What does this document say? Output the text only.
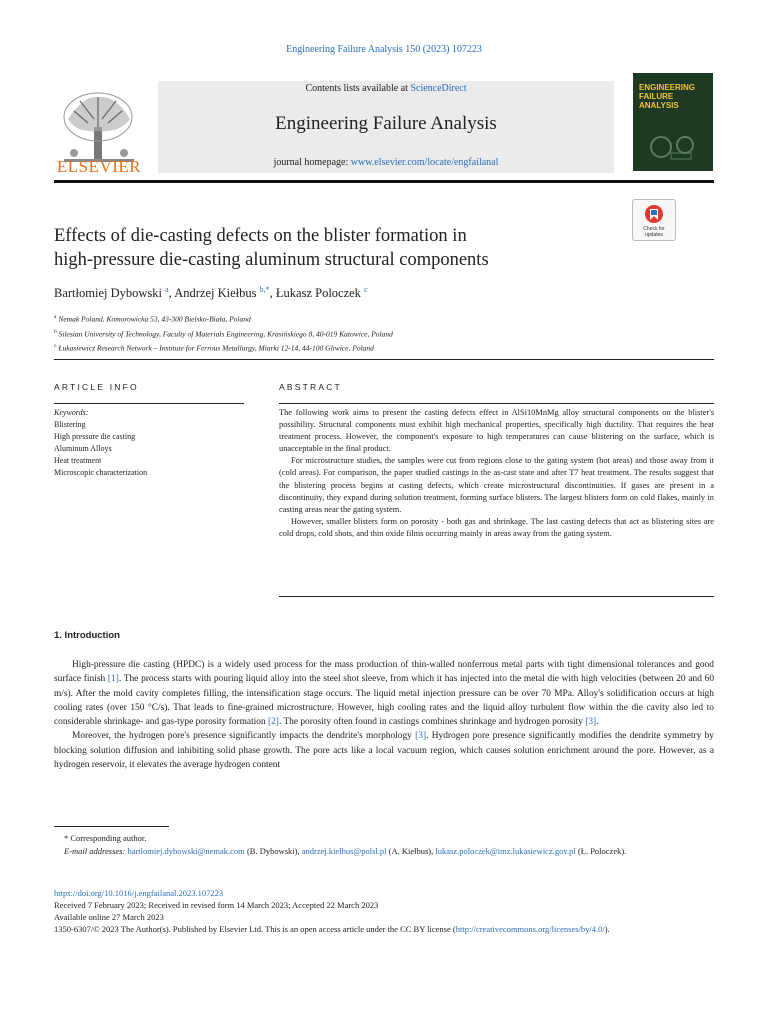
Engineering Failure Analysis 150 (2023) 107223
ELSEVIER
Contents lists available at ScienceDirect
Engineering Failure Analysis
journal homepage: www.elsevier.com/locate/engfailanal
ENGINEERING
FAILURE
ANALYSIS
Check for
updates
Effects of die-casting defects on the blister formation in
high-pressure die-casting aluminum structural components
Bartłomiej Dybowski $^a$, Andrzej Kiełbus $^{b,*}$, Łukasz Poloczek $^c$
$^a$ Nemak Poland, Komorowicka 53, 43-300 Bielsko-Biała, Poland
$^b$ Silesian University of Technology, Faculty of Materials Engineering, Krasińskiego 8, 40-019 Katowice, Poland
$^c$ Łukasiewicz Research Network – Institute for Ferrous Metallurgy, Miarki 12-14, 44-100 Gliwice, Poland
ARTICLE INFO	ABSTRACT
Keywords:
Blistering
High pressure die casting
Aluminum Alloys
Heat treatment
Microscopic characterization

The following work aims to present the casting defects effect in AlSi10MnMg alloy structural components on the blister's possibility. Structural components must exhibit high mechanical properties, specifically high ductility. That requires the heat treatment process. However, the component's exposure to high temperatures can cause blistering on the surface, which is unacceptable in the final product.

For microstructure studies, the samples were cut from regions close to the gating system (hot areas) and those away from it (cold areas). For comparison, the paper studied castings in the as-cast state and after T7 heat treatment. The results suggest that the blistering process begins at casting defects, which create microstructural discontinuities. If gases are present in a discontinuity, they expand during solution treatment, forming surface blisters. The largest blisters form on cold flakes, mainly in casting areas near the gating system.

However, smaller blisters form on porosity - both gas and shrinkage. The last casting defects that act as blistering sites are cold drops, cold shots, and thin oxide films occurring mainly in areas away from the gating system.

1. Introduction

High-pressure die casting (HPDC) is a widely used process for the mass production of thin-walled nonferrous metal parts with tight dimensional tolerances and good surface finish [1]. The process starts with pouring liquid alloy into the steel shot sleeve, from which it has injected into the metal die with high velocities (between 20 and 60 m/s). After the mold cavity completes filling, the intensification stage occurs. The liquid metal injection pressure can be over 70 MPa. Alloy's solidification occurs at high cooling rates (over 150 °C/s). That leads to fine-grained microstructure. However, high cooling rates and the liquid alloy turbulent flow within the die cavity also led to considerable shrinkage- and gas-type porosity formation [2]. The porosity often found in castings combines shrinkage and hydrogen porosity [3].

Moreover, the hydrogen pore's presence significantly impacts the dendrite's morphology [3]. Hydrogen pore presence significantly modifies the dendrite symmetry by blocking solution diffusion and inhibiting solid phase growth. The pore acts like a local vacuum region, which causes solution enrichment around the pore. However, as a hydrogen reservoir, it elevates the average hydrogen content

* Corresponding author.
E-mail addresses: bartlomiej.dybowski@nemak.com (B. Dybowski), andrzej.kielbus@polsl.pl (A. Kiełbus), lukasz.poloczek@imz.lukasiewicz.gov.pl (Ł. Poloczek).
https://doi.org/10.1016/j.engfailanal.2023.107223
Received 7 February 2023; Received in revised form 14 March 2023; Accepted 22 March 2023
Available online 27 March 2023
1350-6307/© 2023 The Author(s). Published by Elsevier Ltd. This is an open access article under the CC BY license (http://creativecommons.org/licenses/by/4.0/).
